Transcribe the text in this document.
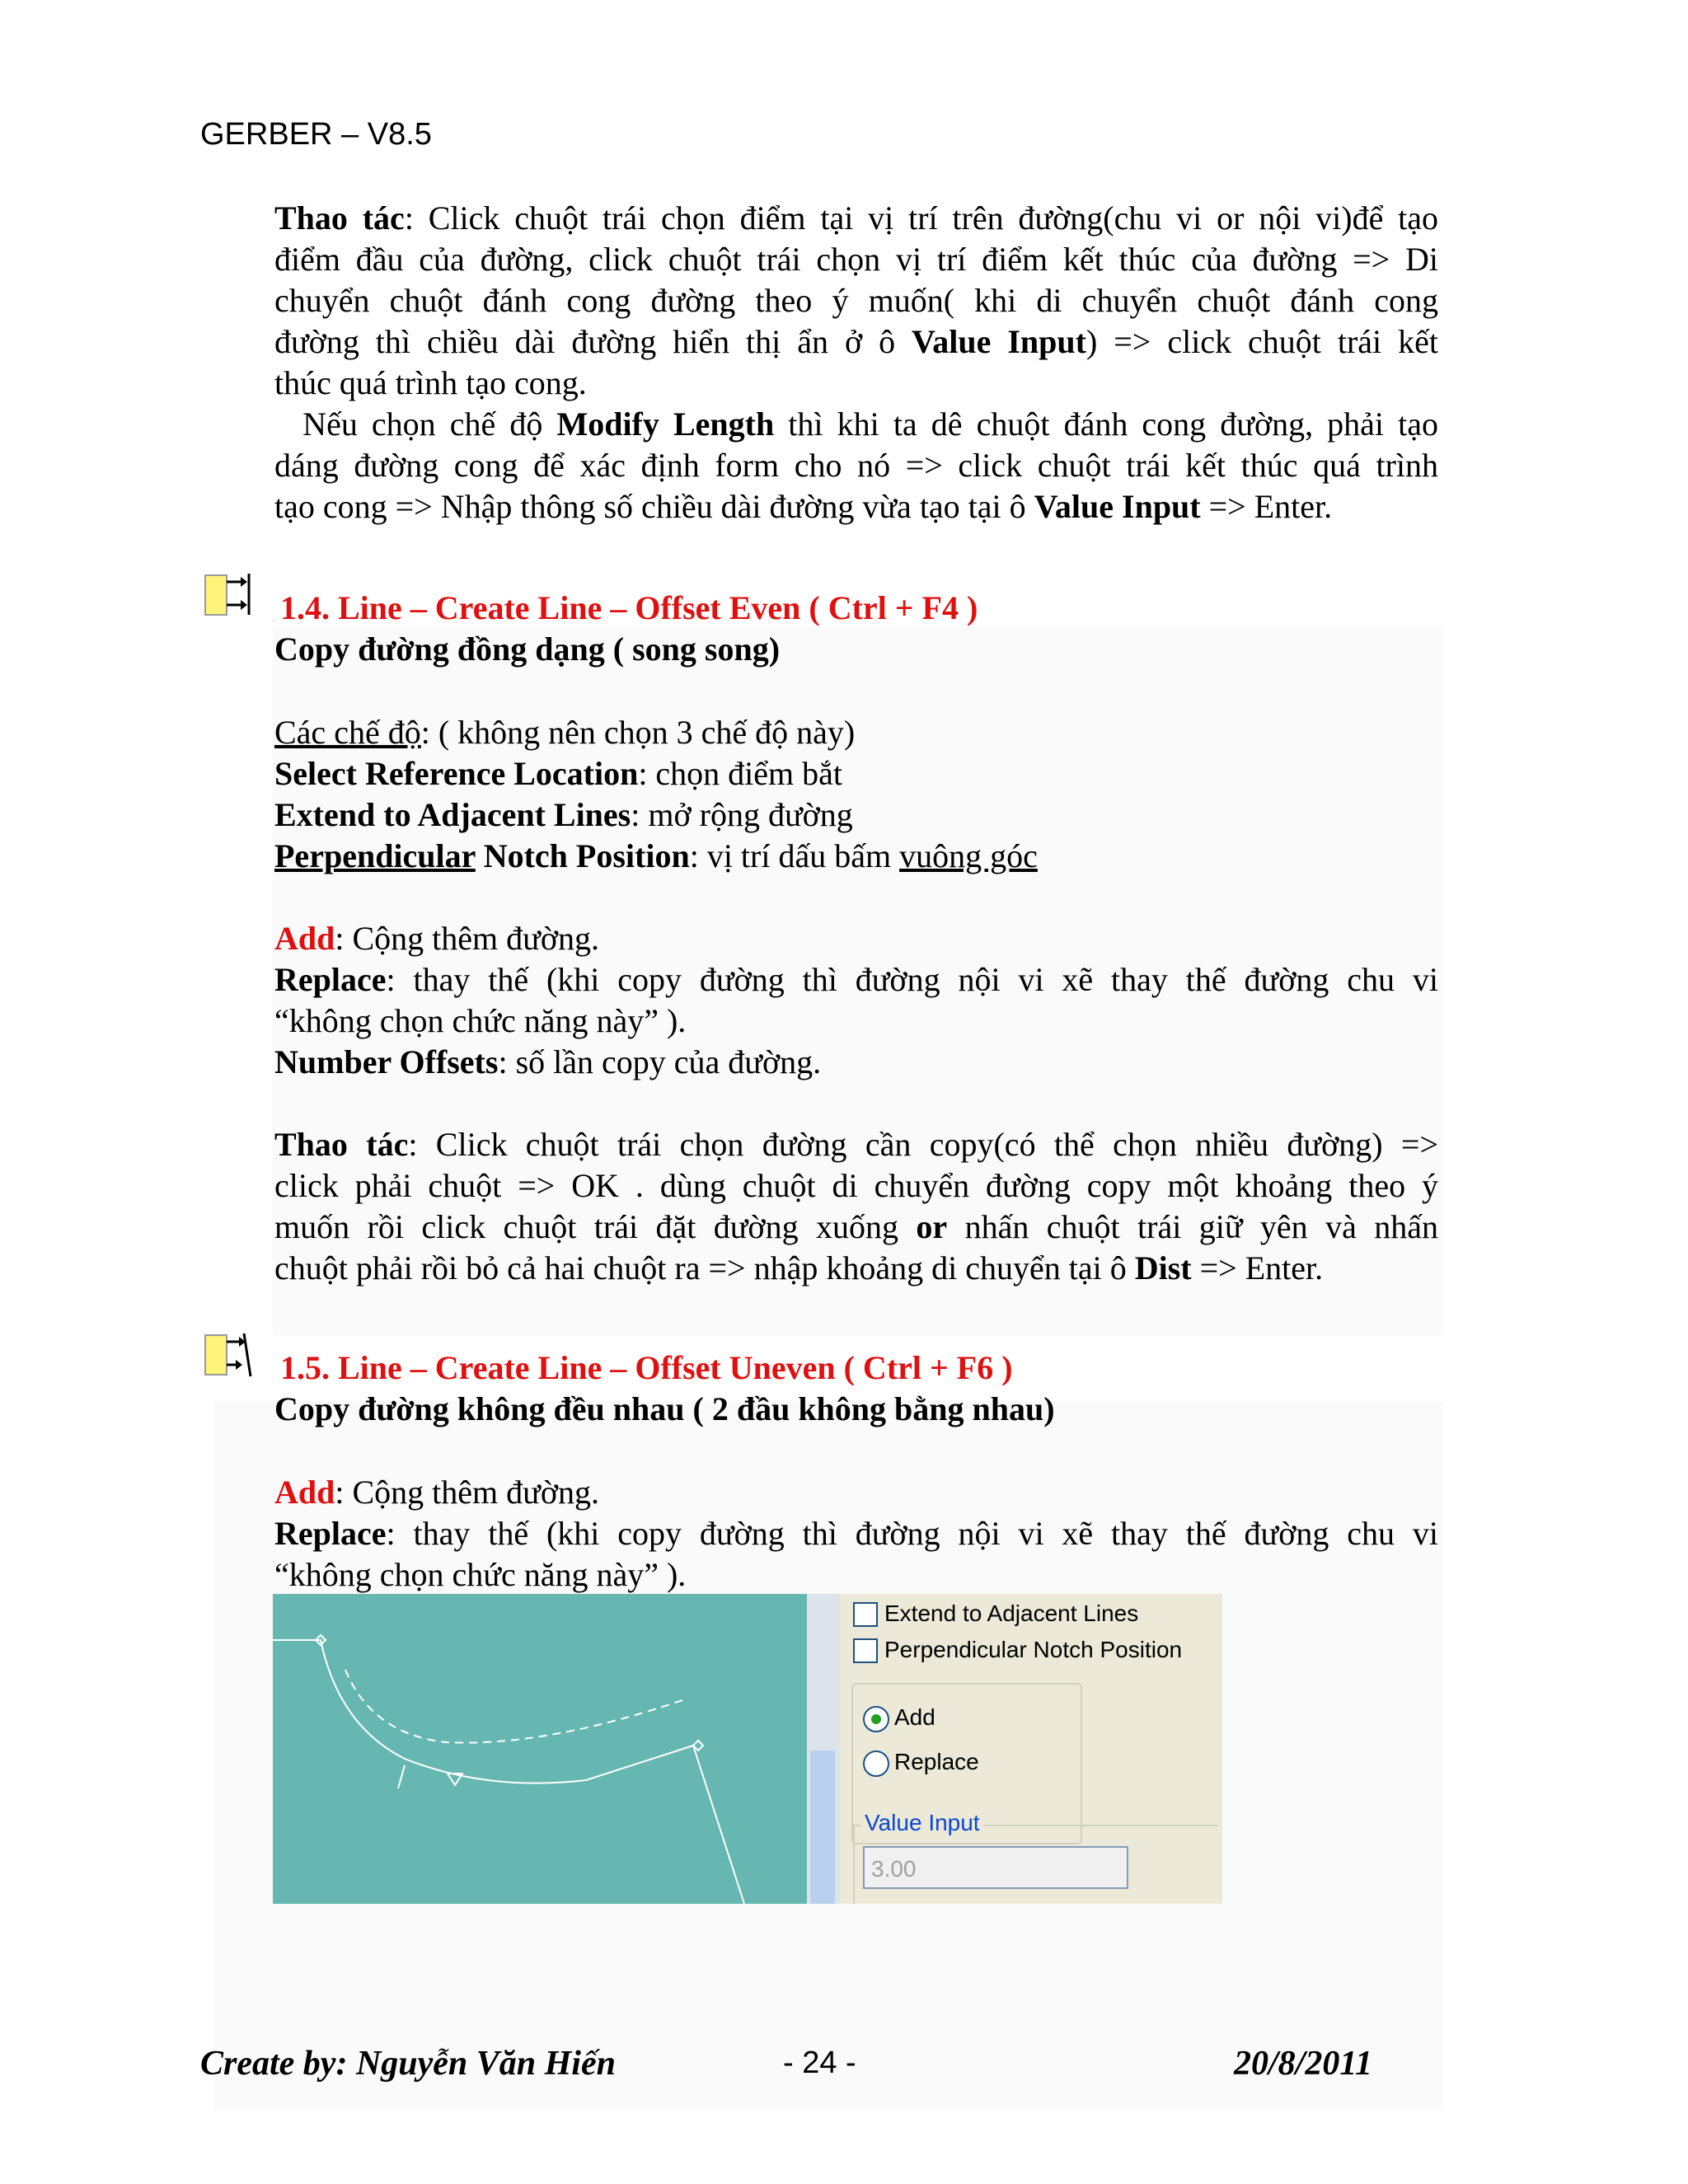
GERBER – V8.5
Thao tác: Click chuột trái chọn điểm tại vị trí trên đường(chu vi or nội vi)để tạo
điểm đầu của đường, click chuột trái chọn vị trí điểm kết thúc của đường => Di
chuyển chuột đánh cong đường theo ý muốn( khi di chuyển chuột đánh cong
đường thì chiều dài đường hiển thị ẩn ở ô Value Input) => click chuột trái kết
thúc quá trình tạo cong.
Nếu chọn chế độ Modify Length thì khi ta dê chuột đánh cong đường, phải tạo
dáng đường cong để xác định form cho nó => click chuột trái kết thúc quá trình
tạo cong => Nhập thông số chiều dài đường vừa tạo tại ô Value Input => Enter.
1.4. Line – Create Line – Offset Even ( Ctrl + F4 )
Copy đường đồng dạng ( song song)
Các chế độ: ( không nên chọn 3 chế độ này)
Select Reference Location: chọn điểm bắt
Extend to Adjacent Lines: mở rộng đường
Perpendicular Notch Position: vị trí dấu bấm vuông góc
Add: Cộng thêm đường.
Replace: thay thế (khi copy đường thì đường nội vi xẽ thay thế đường chu vi
“không chọn chức năng này” ).
Number Offsets: số lần copy của đường.
Thao tác: Click chuột trái chọn đường cần copy(có thể chọn nhiều đường) =>
click phải chuột => OK . dùng chuột di chuyển đường copy một khoảng theo ý
muốn rồi click chuột trái đặt đường xuống or nhấn chuột trái giữ yên và nhấn
chuột phải rồi bỏ cả hai chuột ra => nhập khoảng di chuyển tại ô Dist => Enter.
1.5. Line – Create Line – Offset Uneven ( Ctrl + F6 )
Copy đường không đều nhau ( 2 đầu không bằng nhau)
Add: Cộng thêm đường.
Replace: thay thế (khi copy đường thì đường nội vi xẽ thay thế đường chu vi
“không chọn chức năng này” ).
Extend to Adjacent Lines
Perpendicular Notch Position
Add
Replace
Value Input
3.00
Create by: Nguyễn Văn Hiến	- 24 -	20/8/2011
